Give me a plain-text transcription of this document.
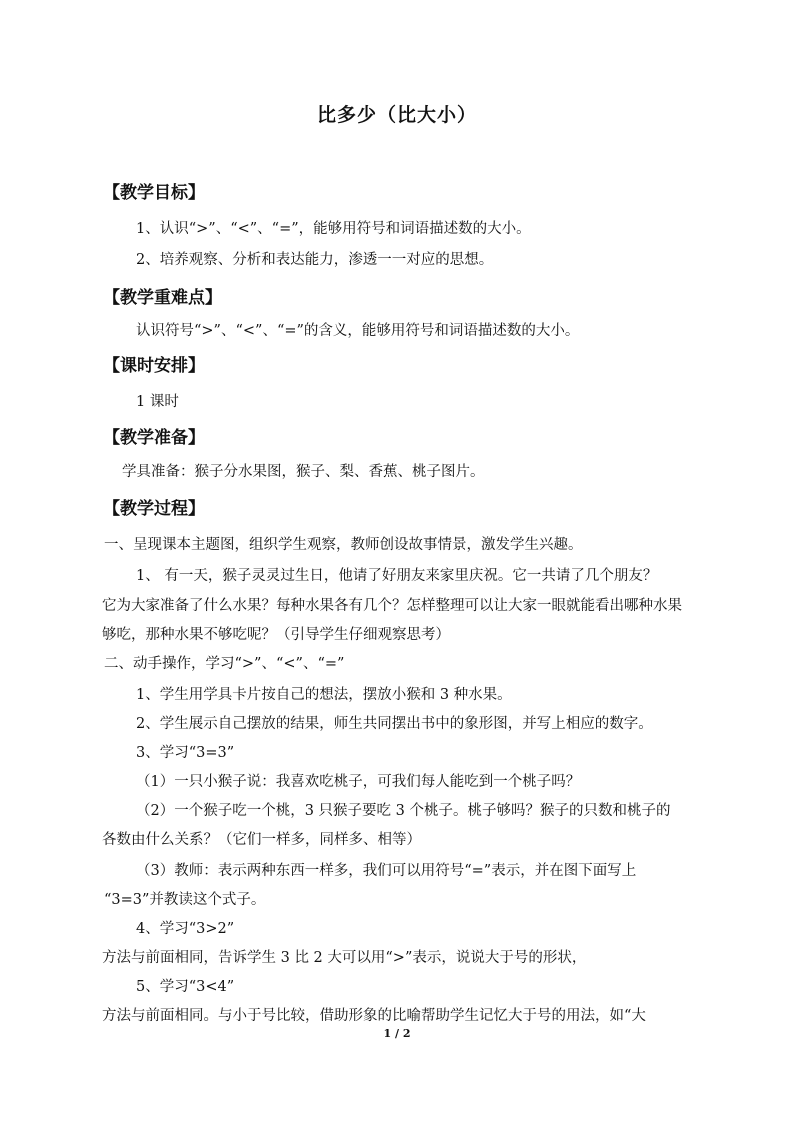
比多少（比大小）
【教学目标】
1、认识“>”、“<”、“=”，能够用符号和词语描述数的大小。
2、培养观察、分析和表达能力，渗透一一对应的思想。
【教学重难点】
认识符号“>”、“<”、“=”的含义，能够用符号和词语描述数的大小。
【课时安排】
1 课时
【教学准备】
学具准备：猴子分水果图，猴子、梨、香蕉、桃子图片。
【教学过程】
一、呈现课本主题图，组织学生观察，教师创设故事情景，激发学生兴趣。
1、 有一天，猴子灵灵过生日，他请了好朋友来家里庆祝。它一共请了几个朋友？
它为大家准备了什么水果？每种水果各有几个？怎样整理可以让大家一眼就能看出哪种水果
够吃，那种水果不够吃呢？（引导学生仔细观察思考）
二、动手操作，学习“>”、“<”、“=”
1、学生用学具卡片按自己的想法，摆放小猴和 3 种水果。
2、学生展示自己摆放的结果，师生共同摆出书中的象形图，并写上相应的数字。
3、学习“3=3”
（1）一只小猴子说：我喜欢吃桃子，可我们每人能吃到一个桃子吗？
（2）一个猴子吃一个桃，3 只猴子要吃 3 个桃子。桃子够吗？猴子的只数和桃子的
各数由什么关系？（它们一样多，同样多、相等）
（3）教师：表示两种东西一样多，我们可以用符号“=”表示，并在图下面写上
“3=3”并教读这个式子。
4、学习“3>2”
方法与前面相同，告诉学生 3 比 2 大可以用“>”表示，说说大于号的形状，
5、学习“3<4”
方法与前面相同。与小于号比较，借助形象的比喻帮助学生记忆大于号的用法，如“大
1 / 2
